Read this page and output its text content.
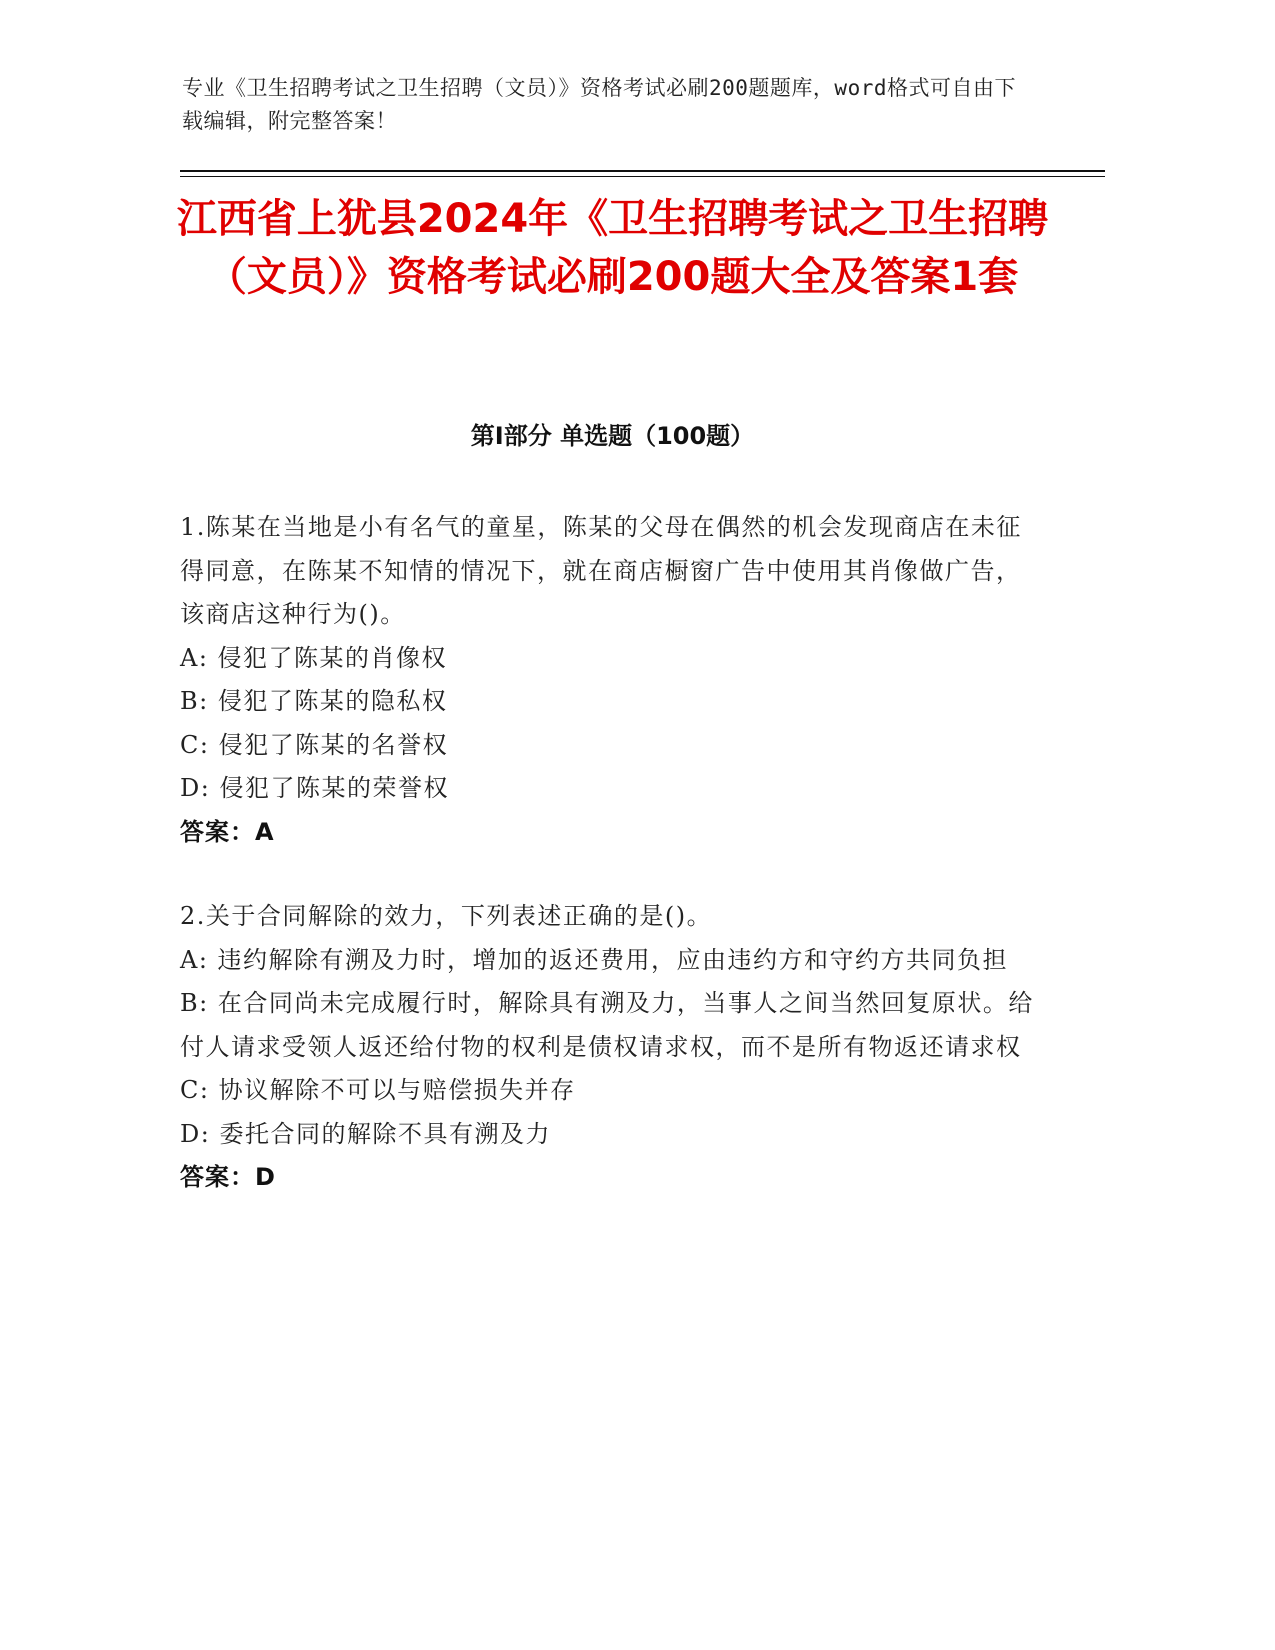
专业《卫生招聘考试之卫生招聘（文员）》资格考试必刷200题题库，word格式可自由下载编辑，附完整答案！
江西省上犹县2024年《卫生招聘考试之卫生招聘（文员）》资格考试必刷200题大全及答案1套
第Ⅰ部分 单选题（100题）

1.陈某在当地是小有名气的童星，陈某的父母在偶然的机会发现商店在未征得同意，在陈某不知情的情况下，就在商店橱窗广告中使用其肖像做广告，该商店这种行为()。

A: 侵犯了陈某的肖像权

B: 侵犯了陈某的隐私权

C: 侵犯了陈某的名誉权

D: 侵犯了陈某的荣誉权

答案：A

2.关于合同解除的效力，下列表述正确的是()。

A: 违约解除有溯及力时，增加的返还费用，应由违约方和守约方共同负担

B: 在合同尚未完成履行时，解除具有溯及力，当事人之间当然回复原状。给付人请求受领人返还给付物的权利是债权请求权，而不是所有物返还请求权

C: 协议解除不可以与赔偿损失并存

D: 委托合同的解除不具有溯及力

答案：D
